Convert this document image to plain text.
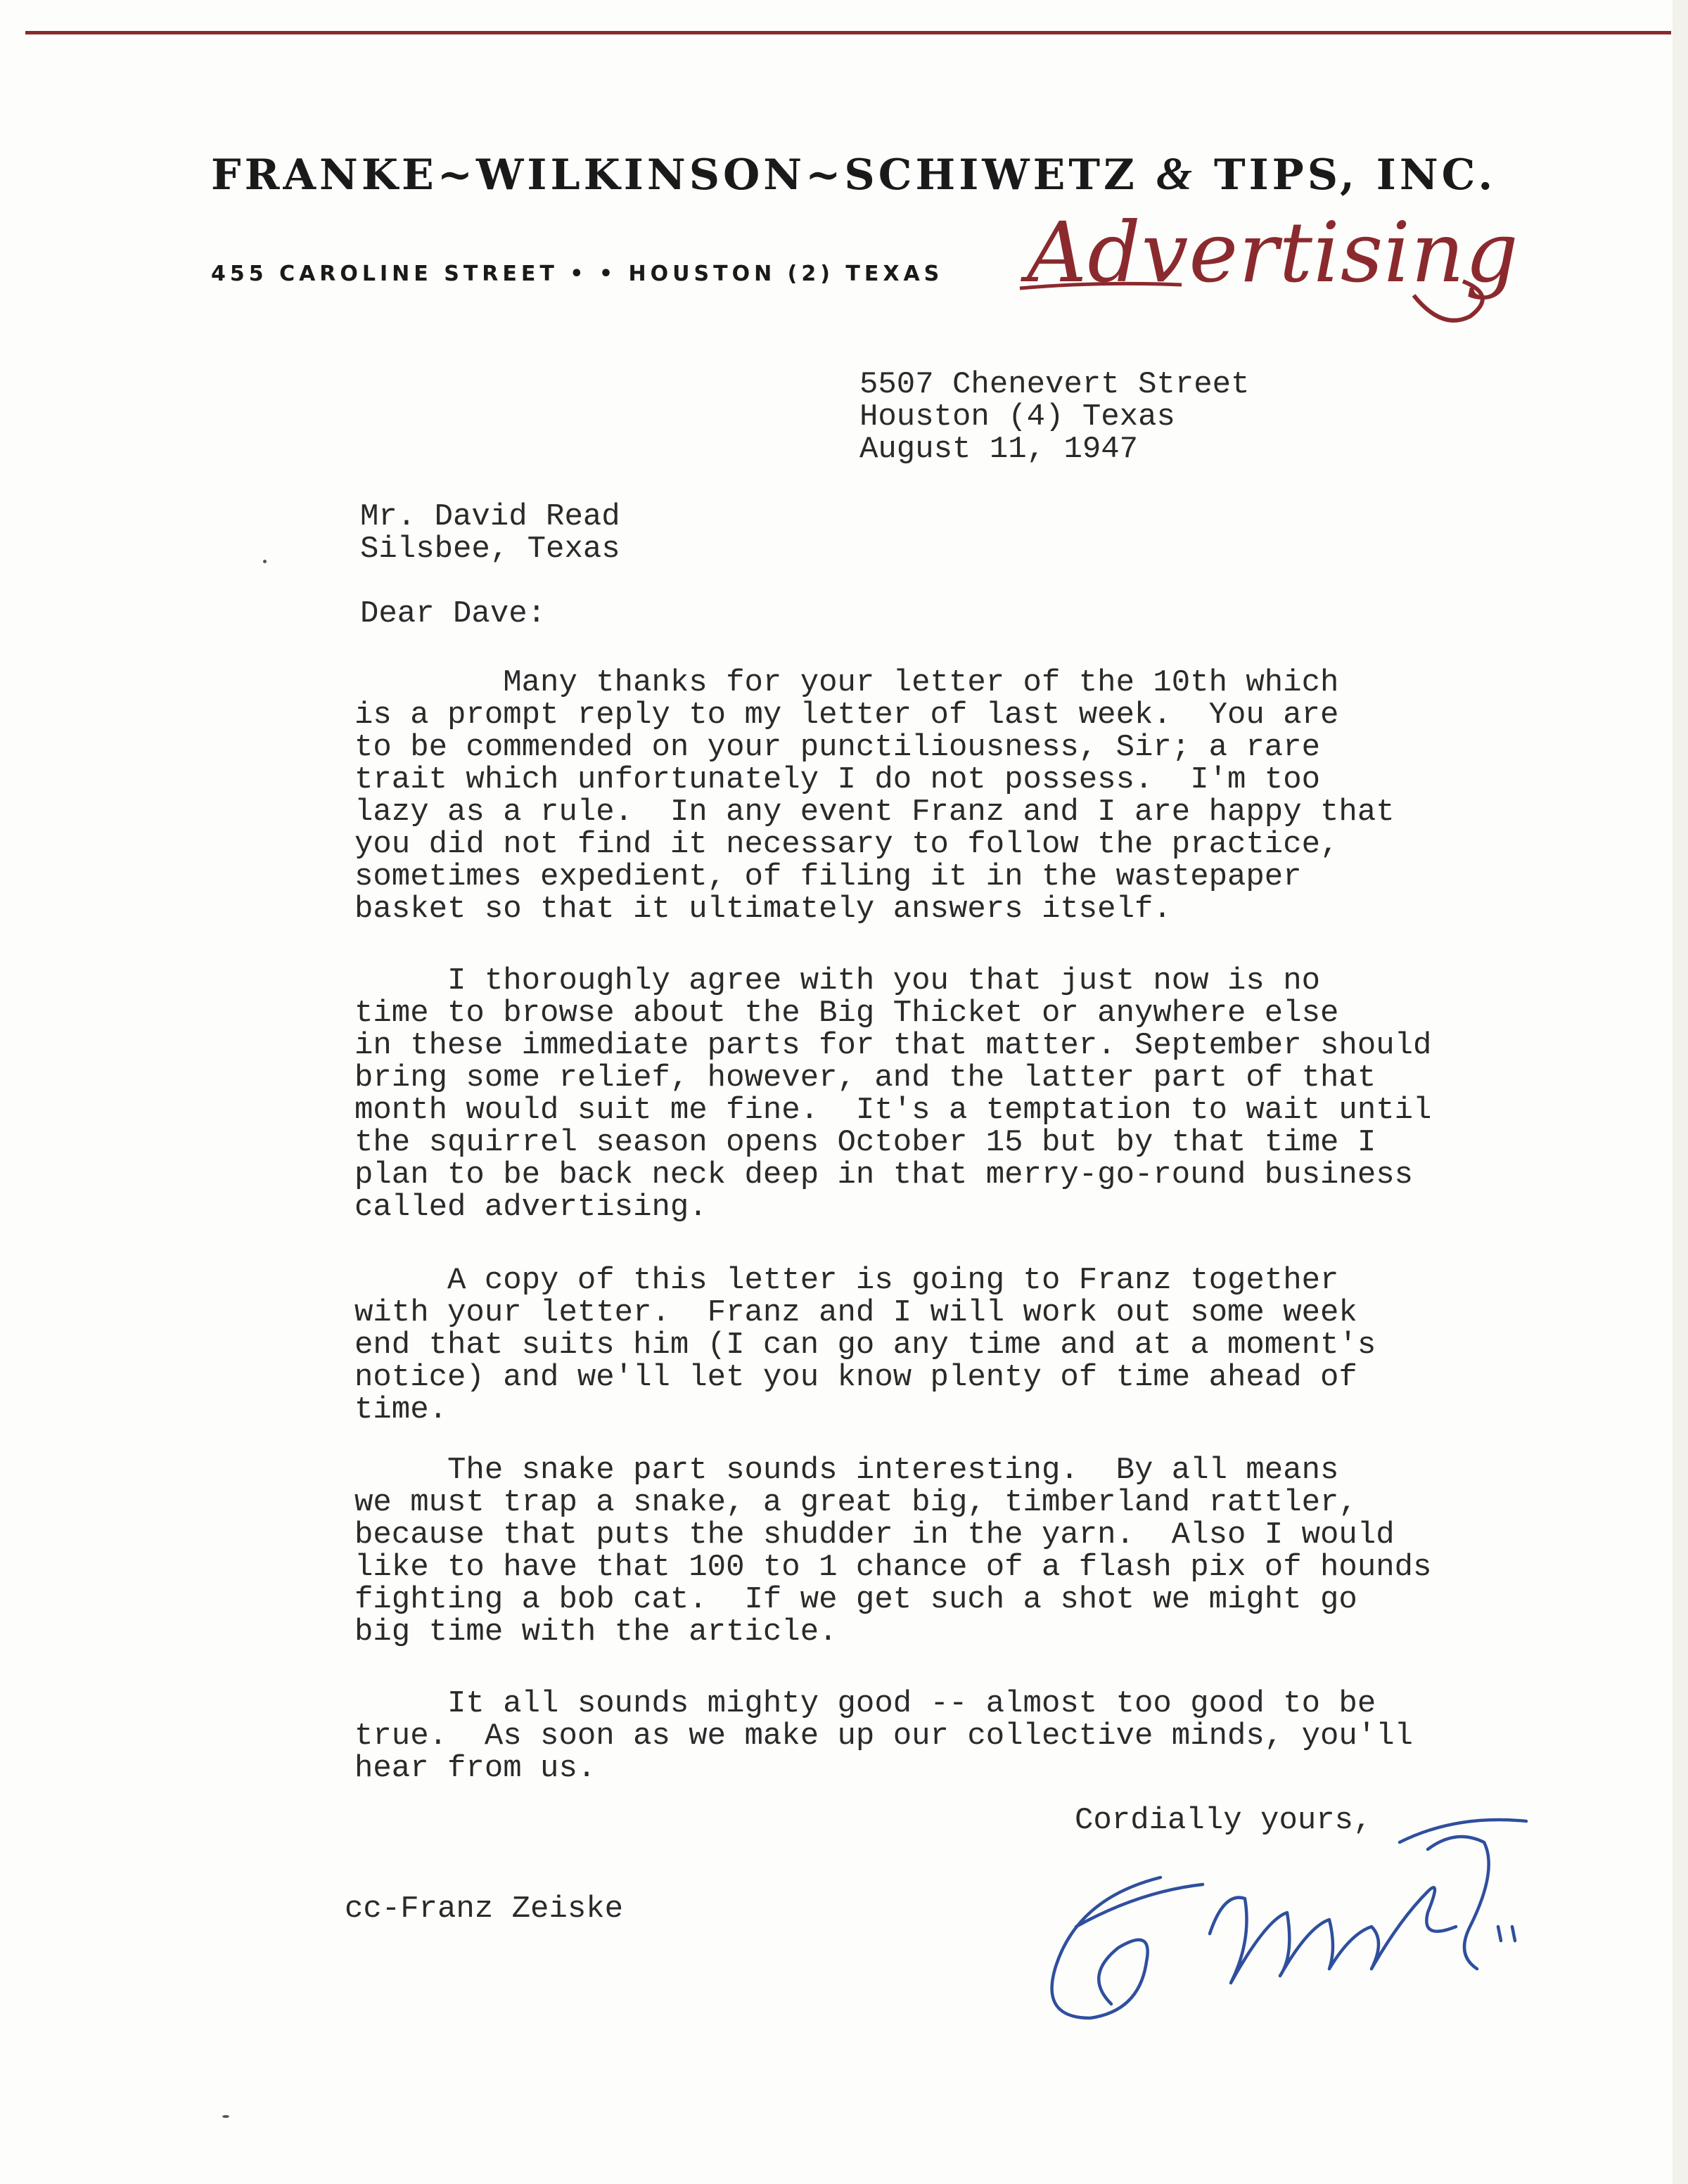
FRANKE~WILKINSON~SCHIWETZ & TIPS, INC.
455 CAROLINE STREET • • HOUSTON (2) TEXAS Advertising
5507 Chenevert Street
Houston (4) Texas
August 11, 1947
Mr. David Read
Silsbee, Texas
Dear Dave:
Many thanks for your letter of the 10th which
is a prompt reply to my letter of last week.  You are
to be commended on your punctiliousness, Sir; a rare
trait which unfortunately I do not possess.  I'm too
lazy as a rule.  In any event Franz and I are happy that
you did not find it necessary to follow the practice,
sometimes expedient, of filing it in the wastepaper
basket so that it ultimately answers itself.
I thoroughly agree with you that just now is no
time to browse about the Big Thicket or anywhere else
in these immediate parts for that matter. September should
bring some relief, however, and the latter part of that
month would suit me fine.  It's a temptation to wait until
the squirrel season opens October 15 but by that time I
plan to be back neck deep in that merry-go-round business
called advertising.
A copy of this letter is going to Franz together
with your letter.  Franz and I will work out some week
end that suits him (I can go any time and at a moment's
notice) and we'll let you know plenty of time ahead of
time.
The snake part sounds interesting.  By all means
we must trap a snake, a great big, timberland rattler,
because that puts the shudder in the yarn.  Also I would
like to have that 100 to 1 chance of a flash pix of hounds
fighting a bob cat.  If we get such a shot we might go
big time with the article.
It all sounds mighty good -- almost too good to be
true.  As soon as we make up our collective minds, you'll
hear from us.
Cordially yours,
cc-Franz Zeiske
